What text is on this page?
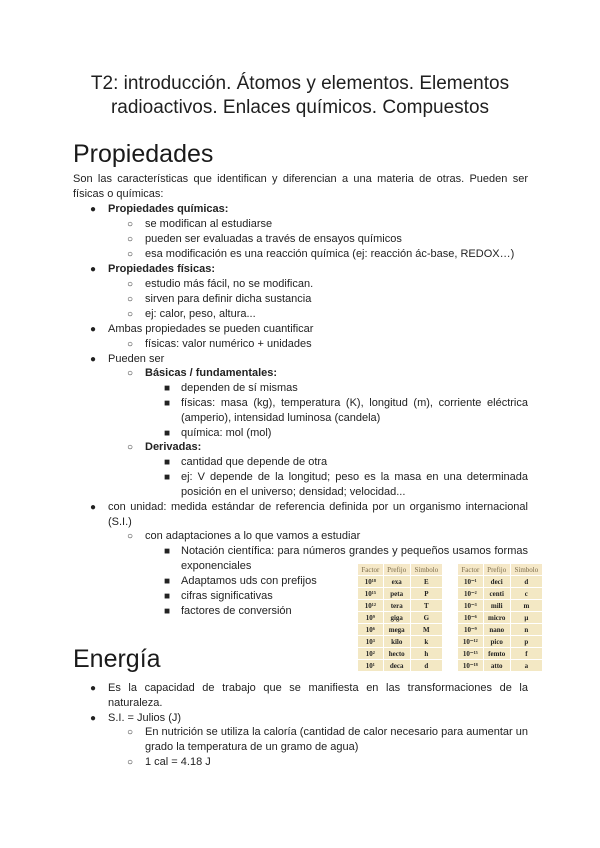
T2: introducción. Átomos y elementos. Elementos
radioactivos. Enlaces químicos. Compuestos
Propiedades
Son las características que identifican y diferencian a una materia de otras. Pueden ser físicas o químicas:
● Propiedades químicas:
○ se modifican al estudiarse
○ pueden ser evaluadas a través de ensayos químicos
○ esa modificación es una reacción química (ej: reacción ác-base, REDOX…)
● Propiedades físicas:
○ estudio más fácil, no se modifican.
○ sirven para definir dicha sustancia
○ ej: calor, peso, altura...
● Ambas propiedades se pueden cuantificar
○ físicas: valor numérico + unidades
● Pueden ser
○ Básicas / fundamentales:
■ dependen de sí mismas
■ físicas: masa (kg), temperatura (K), longitud (m), corriente eléctrica (amperio), intensidad luminosa (candela)
■ química: mol (mol)
○ Derivadas:
■ cantidad que depende de otra
■ ej: V depende de la longitud; peso es la masa en una determinada posición en el universo; densidad; velocidad...
● con unidad: medida estándar de referencia definida por un organismo internacional (S.I.)
○ con adaptaciones a lo que vamos a estudiar
■ Notación científica: para números grandes y pequeños usamos formas exponenciales
■ Adaptamos uds con prefijos
■ cifras significativas
■ factores de conversión
Factor	Prefijo	Símbolo
10¹⁸	exa	E
10¹⁵	peta	P
10¹²	tera	T
10⁹	giga	G
10⁶	mega	M
10³	kilo	k
10²	hecto	h
10¹	deca	d
Factor	Prefijo	Símbolo
10⁻¹	deci	d
10⁻²	centi	c
10⁻³	mili	m
10⁻⁶	micro	μ
10⁻⁹	nano	n
10⁻¹²	pico	p
10⁻¹⁵	femto	f
10⁻¹⁸	atto	a
Energía
● Es la capacidad de trabajo que se manifiesta en las transformaciones de la naturaleza.
● S.I. = Julios (J)
○ En nutrición se utiliza la caloría (cantidad de calor necesario para aumentar un grado la temperatura de un gramo de agua)
○ 1 cal = 4.18 J
